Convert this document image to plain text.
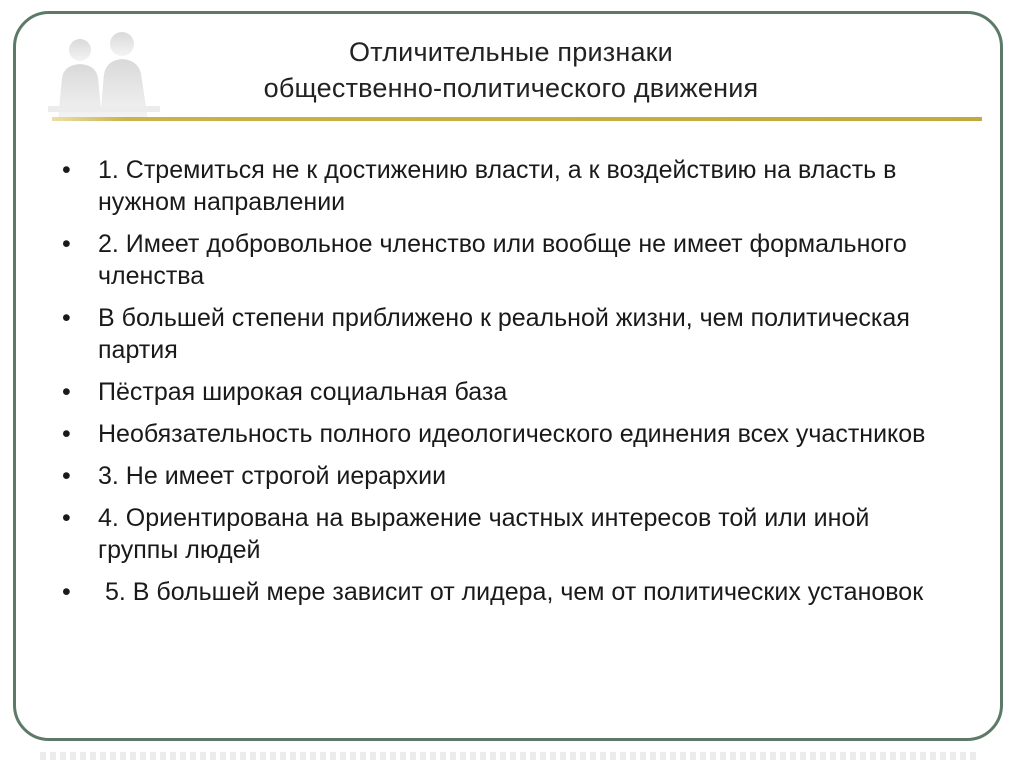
Отличительные признаки
общественно-политического движения
•	1. Стремиться не к достижению власти, а к воздействию на власть в нужном направлении
•	2. Имеет добровольное членство или вообще не имеет формального членства
•	В большей степени приближено к реальной жизни, чем политическая партия
•	Пёстрая широкая социальная база
•	Необязательность полного идеологического единения всех участников
•	3. Не имеет строгой иерархии
•	4. Ориентирована на выражение частных интересов той или иной группы людей
•	5. В большей мере зависит от лидера, чем от политических установок
